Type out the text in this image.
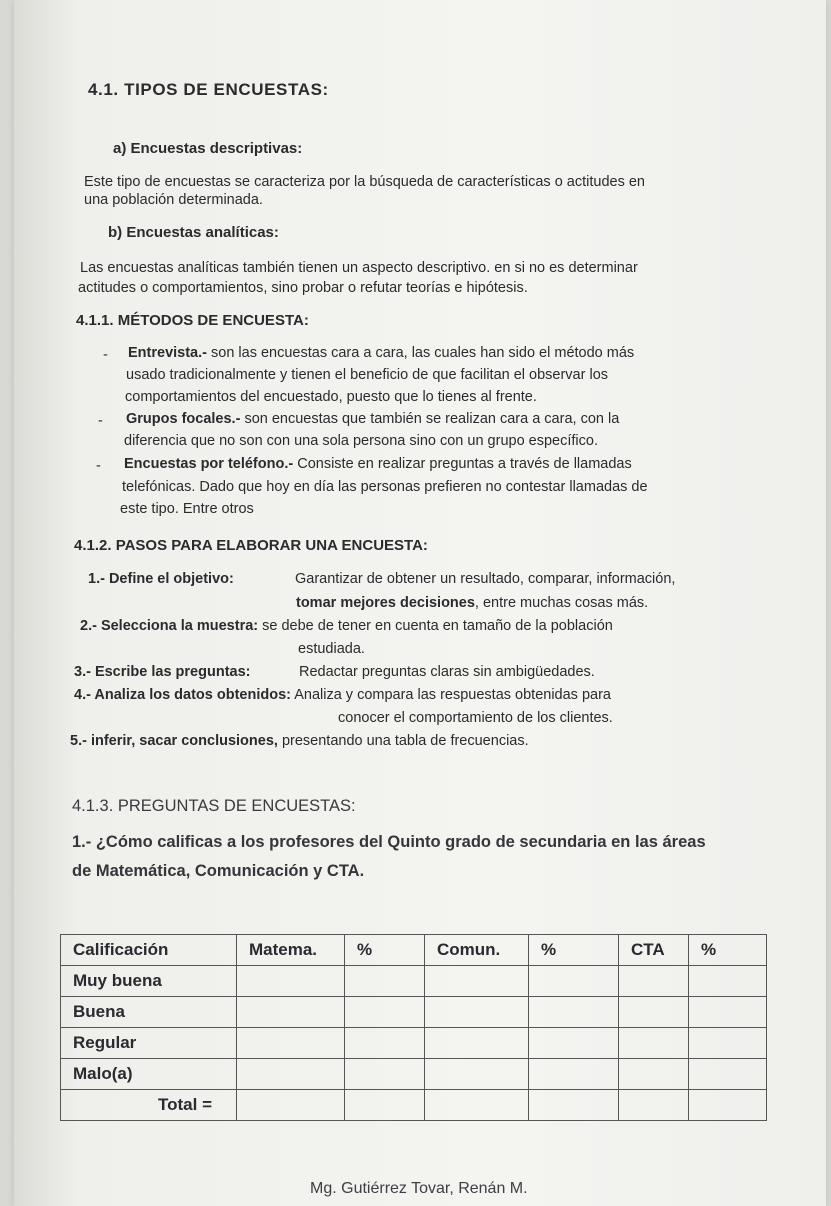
4.1. TIPOS DE ENCUESTAS:
a) Encuestas descriptivas:
Este tipo de encuestas se caracteriza por la búsqueda de características o actitudes en
una población determinada.
b) Encuestas analíticas:
Las encuestas analíticas también tienen un aspecto descriptivo. en si no es determinar
actitudes o comportamientos, sino probar o refutar teorías e hipótesis.
4.1.1. MÉTODOS DE ENCUESTA:
- Entrevista.- son las encuestas cara a cara, las cuales han sido el método más
usado tradicionalmente y tienen el beneficio de que facilitan el observar los
comportamientos del encuestado, puesto que lo tienes al frente.
- Grupos focales.- son encuestas que también se realizan cara a cara, con la
diferencia que no son con una sola persona sino con un grupo específico.
- Encuestas por teléfono.- Consiste en realizar preguntas a través de llamadas
telefónicas. Dado que hoy en día las personas prefieren no contestar llamadas de
este tipo. Entre otros
4.1.2. PASOS PARA ELABORAR UNA ENCUESTA:
1.- Define el objetivo:	Garantizar de obtener un resultado, comparar, información,
tomar mejores decisiones, entre muchas cosas más.
2.- Selecciona la muestra: se debe de tener en cuenta en tamaño de la población
estudiada.
3.- Escribe las preguntas:	Redactar preguntas claras sin ambigüedades.
4.- Analiza los datos obtenidos: Analiza y compara las respuestas obtenidas para
conocer el comportamiento de los clientes.
5.- inferir, sacar conclusiones, presentando una tabla de frecuencias.
4.1.3. PREGUNTAS DE ENCUESTAS:
1.- ¿Cómo calificas a los profesores del Quinto grado de secundaria en las áreas
de Matemática, Comunicación y CTA.
Calificación	Matema.	%	Comun.	%	CTA	%
Muy buena						
Buena						
Regular						
Malo(a)						
Total =						
Mg. Gutiérrez Tovar, Renán M.
